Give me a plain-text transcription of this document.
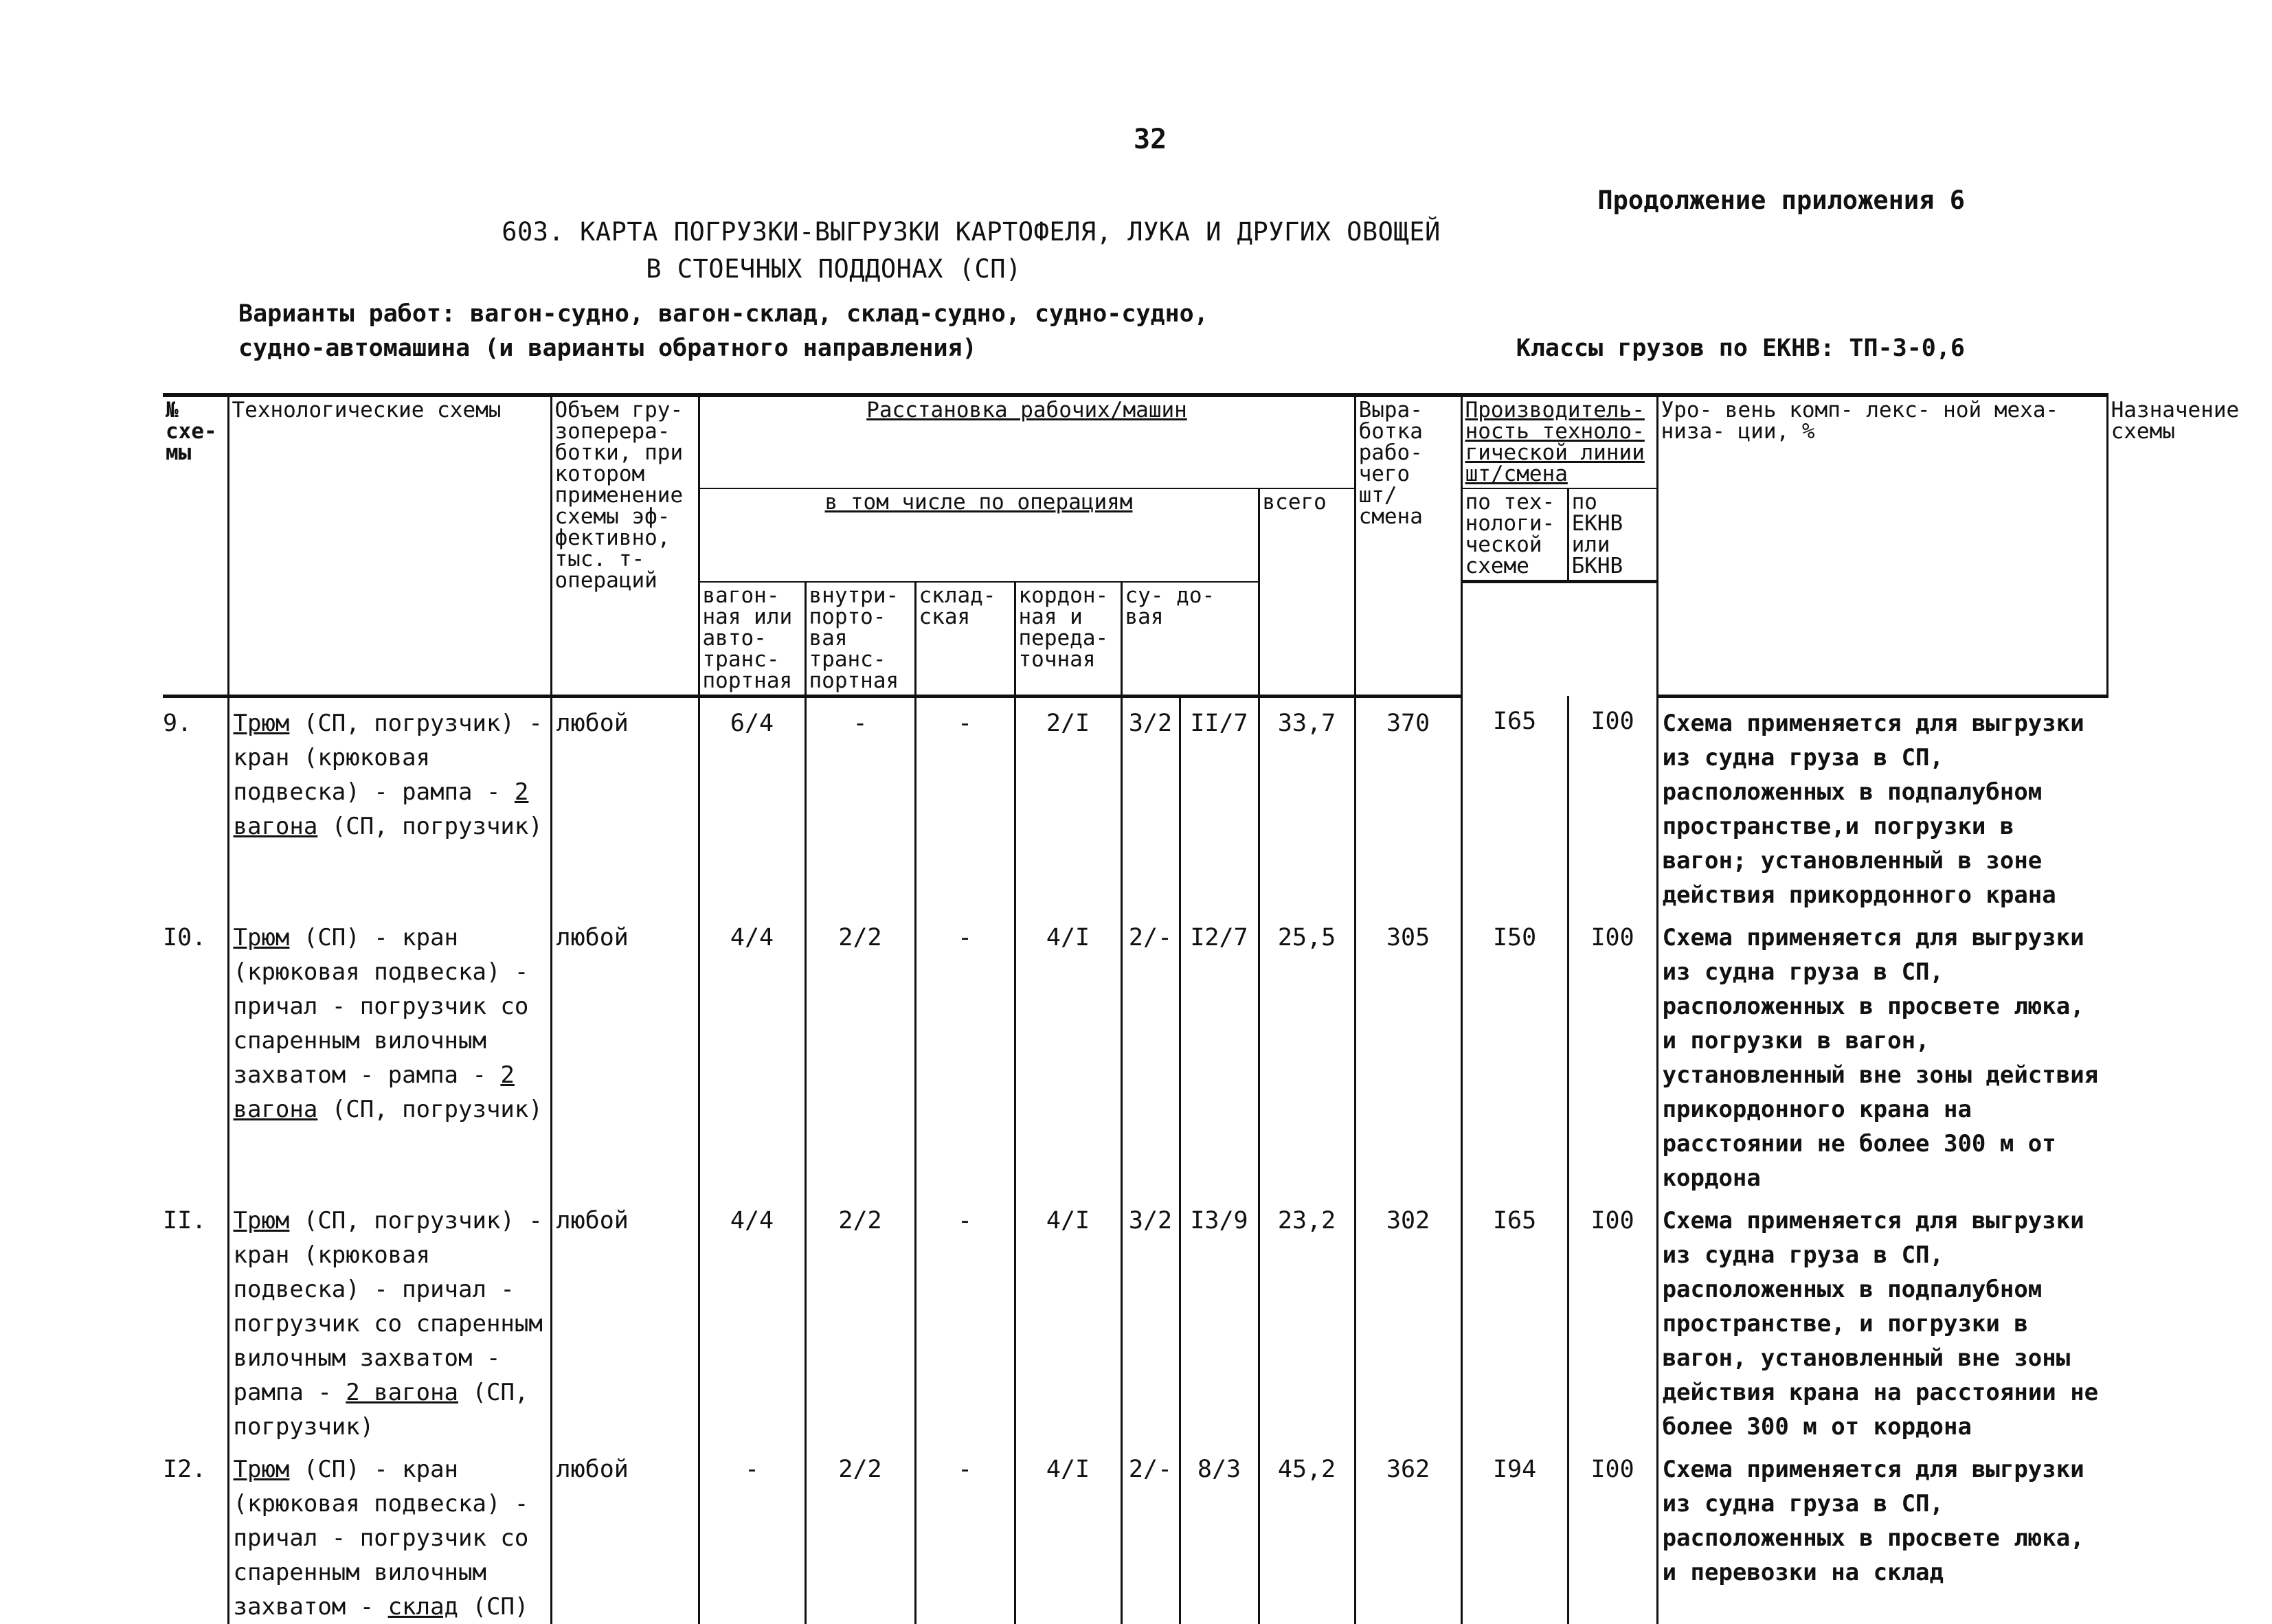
32
Продолжение приложения 6
603. КАРТА ПОГРУЗКИ-ВЫГРУЗКИ КАРТОФЕЛЯ, ЛУКА И ДРУГИХ ОВОЩЕЙ
В СТОЕЧНЫХ ПОДДОНАХ (СП)
Варианты работ: вагон-судно, вагон-склад, склад-судно, судно-судно,
судно-автомашина (и варианты обратного направления)	Классы грузов по ЕКНВ: ТП-3-0,6
№ схе- мы	Технологические схемы	Объем гру- зоперера- ботки, при котором применение схемы эф- фективно, тыс. т-операций	Расстановка рабочих/машин							Выра- ботка рабо- чего шт/ смена	Производитель- ность техноло- гической линии шт/смена		Уро- вень комп- лекс- ной меха- низа- ции, %	Назначение схемы
			в том числе по операциям						всего		по тех- нологи- ческой схеме	по ЕКНВ или БКНВ		
			вагон- ная или авто- транс- портная	внутри- порто- вая транс- портная	склад- ская	кордон- ная и переда- точная	су- до- вая							
9.	Трюм (СП, погрузчик) - кран (крюковая подвеска) - рампа - 2 вагона (СП, погрузчик)	любой	6/4	-	-	2/I	3/2	II/7	33,7	370	I65	I00	Схема применяется для выгрузки из судна груза в СП, расположенных в подпалубном пространстве,и погрузки в вагон; установленный в зоне действия прикордонного крана	
I0.	Трюм (СП) - кран (крюковая подвеска) - причал - погрузчик со спаренным вилочным захватом - рампа - 2 вагона (СП, погрузчик)	любой	4/4	2/2	-	4/I	2/-	I2/7	25,5	305	I50	I00	Схема применяется для выгрузки из судна груза в СП, расположенных в просвете люка, и погрузки в вагон, установленный вне зоны действия прикордонного крана на расстоянии не более 300 м от кордона	
II.	Трюм (СП, погрузчик) - кран (крюковая подвеска) - причал - погрузчик со спаренным вилочным захватом - рампа - 2 вагона (СП, погрузчик)	любой	4/4	2/2	-	4/I	3/2	I3/9	23,2	302	I65	I00	Схема применяется для выгрузки из судна груза в СП, расположенных в подпалубном пространстве, и погрузки в вагон, установленный вне зоны действия крана на расстоянии не более 300 м от кордона	
I2.	Трюм (СП) - кран (крюковая подвеска) - причал - погрузчик со спаренным вилочным захватом - склад (СП)	любой	-	2/2	-	4/I	2/-	8/3	45,2	362	I94	I00	Схема применяется для выгрузки из судна груза в СП, расположенных в просвете люка, и перевозки на склад	
